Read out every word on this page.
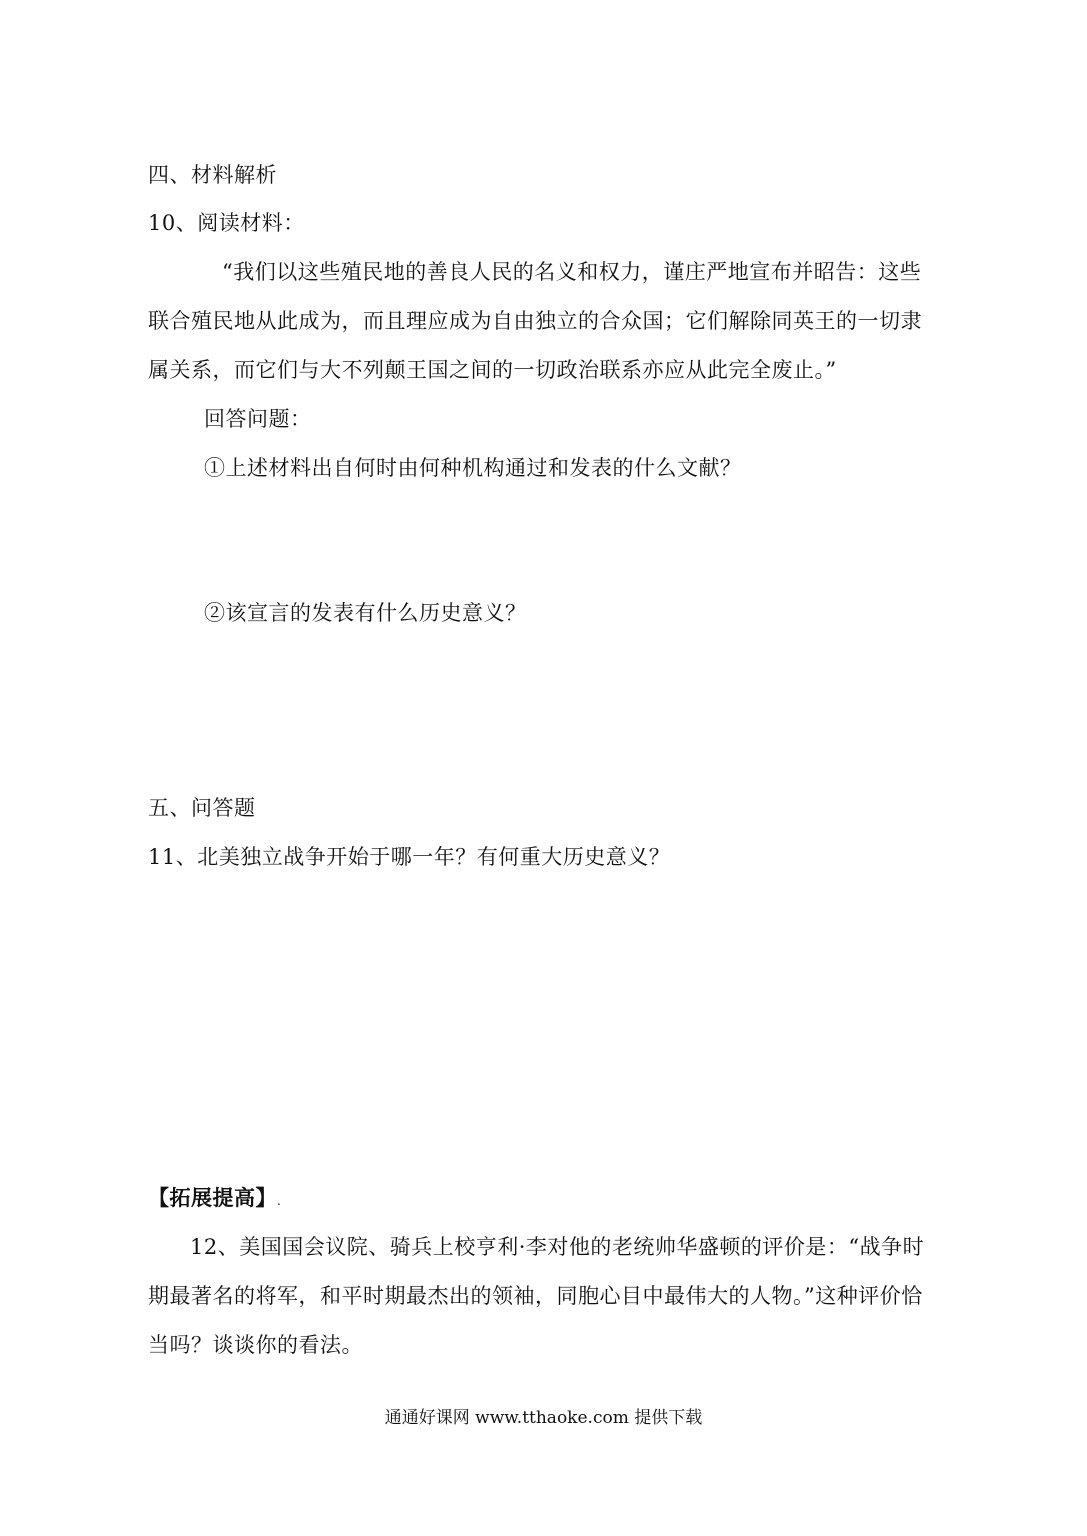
四、材料解析
10、阅读材料：
“我们以这些殖民地的善良人民的名义和权力，谨庄严地宣布并昭告：这些
联合殖民地从此成为，而且理应成为自由独立的合众国；它们解除同英王的一切隶
属关系，而它们与大不列颠王国之间的一切政治联系亦应从此完全废止。”
回答问题：
①上述材料出自何时由何种机构通过和发表的什么文献？
②该宣言的发表有什么历史意义？
五、问答题
11、北美独立战争开始于哪一年？有何重大历史意义？
【拓展提高】.
12、美国国会议院、骑兵上校亨利·李对他的老统帅华盛顿的评价是：“战争时
期最著名的将军，和平时期最杰出的领袖，同胞心目中最伟大的人物。”这种评价恰
当吗？谈谈你的看法。
通通好课网 www.tthaoke.com 提供下载
